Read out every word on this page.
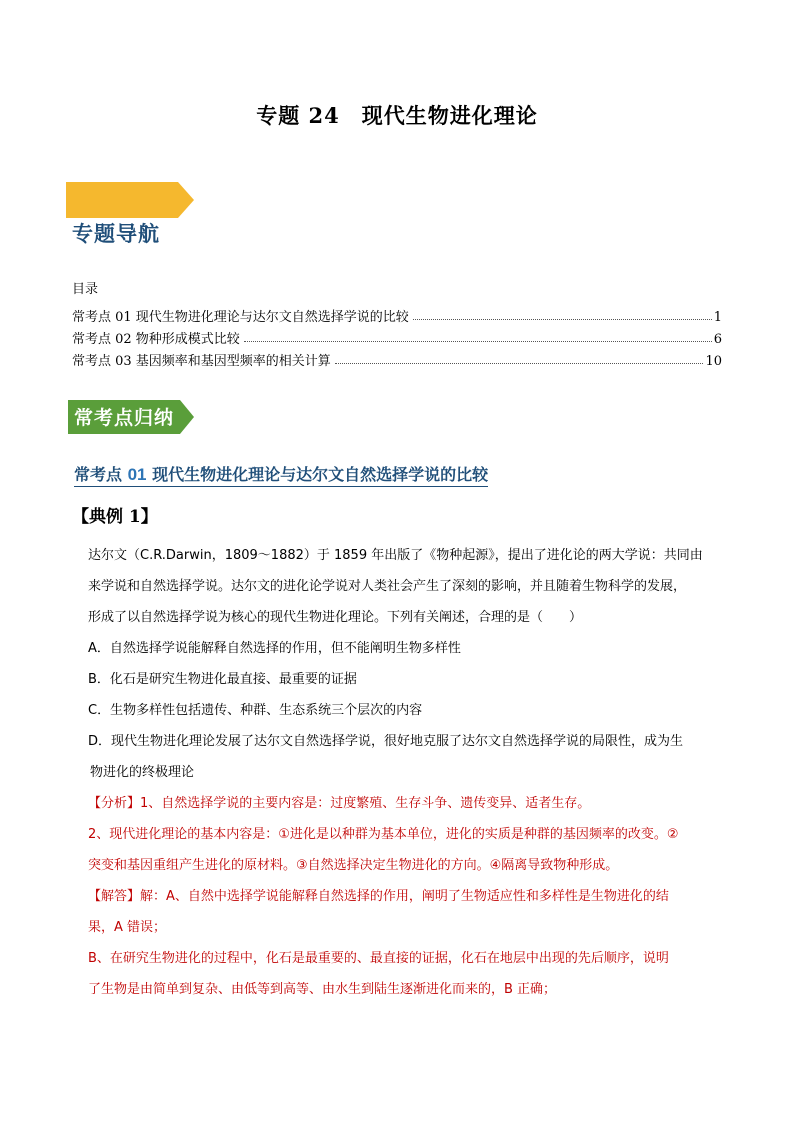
专题 24　现代生物进化理论
专题导航
目录
常考点 01 现代生物进化理论与达尔文自然选择学说的比较	1
常考点 02 物种形成模式比较	6
常考点 03 基因频率和基因型频率的相关计算	10
常考点归纳
常考点 01 现代生物进化理论与达尔文自然选择学说的比较
【典例 1】
达尔文（C.R.Darwin，1809～1882）于 1859 年出版了《物种起源》，提出了进化论的两大学说：共同由
来学说和自然选择学说。达尔文的进化论学说对人类社会产生了深刻的影响，并且随着生物科学的发展，
形成了以自然选择学说为核心的现代生物进化理论。下列有关阐述，合理的是（　　）
A．自然选择学说能解释自然选择的作用，但不能阐明生物多样性
B．化石是研究生物进化最直接、最重要的证据
C．生物多样性包括遗传、种群、生态系统三个层次的内容
D．现代生物进化理论发展了达尔文自然选择学说，很好地克服了达尔文自然选择学说的局限性，成为生
物进化的终极理论
【分析】1、自然选择学说的主要内容是：过度繁殖、生存斗争、遗传变异、适者生存。
2、现代进化理论的基本内容是：①进化是以种群为基本单位，进化的实质是种群的基因频率的改变。②
突变和基因重组产生进化的原材料。③自然选择决定生物进化的方向。④隔离导致物种形成。
【解答】解：A、自然中选择学说能解释自然选择的作用，阐明了生物适应性和多样性是生物进化的结
果，A 错误；
B、在研究生物进化的过程中，化石是最重要的、最直接的证据，化石在地层中出现的先后顺序，说明
了生物是由简单到复杂、由低等到高等、由水生到陆生逐渐进化而来的，B 正确；
